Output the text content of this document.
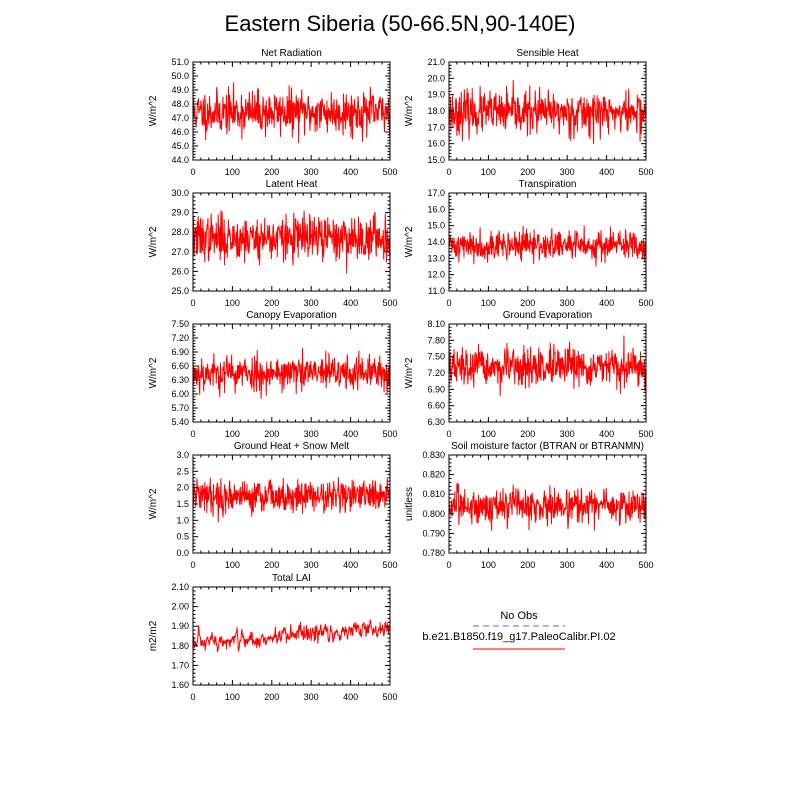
Eastern Siberia (50-66.5N,90-140E)
Net Radiation
W/m^2
0	100	200	300	400	500
44.0
45.0
46.0
47.0
48.0
49.0
50.0
51.0
Sensible Heat
W/m^2
0	100	200	300	400	500
15.0
16.0
17.0
18.0
19.0
20.0
21.0
Latent Heat
W/m^2
0	100	200	300	400	500
25.0
26.0
27.0
28.0
29.0
30.0
Transpiration
W/m^2
0	100	200	300	400	500
11.0
12.0
13.0
14.0
15.0
16.0
17.0
Canopy Evaporation
W/m^2
0	100	200	300	400	500
5.40
5.70
6.00
6.30
6.60
6.90
7.20
7.50
Ground Evaporation
W/m^2
0	100	200	300	400	500
6.30
6.60
6.90
7.20
7.50
7.80
8.10
Ground Heat + Snow Melt
W/m^2
0	100	200	300	400	500
0.0
0.5
1.0
1.5
2.0
2.5
3.0
Soil moisture factor (BTRAN or BTRANMN)
unitless
0	100	200	300	400	500
0.780
0.790
0.800
0.810
0.820
0.830
Total LAI
m2/m2
0	100	200	300	400	500
1.60
1.70
1.80
1.90
2.00
2.10
No Obs
b.e21.B1850.f19_g17.PaleoCalibr.PI.02
